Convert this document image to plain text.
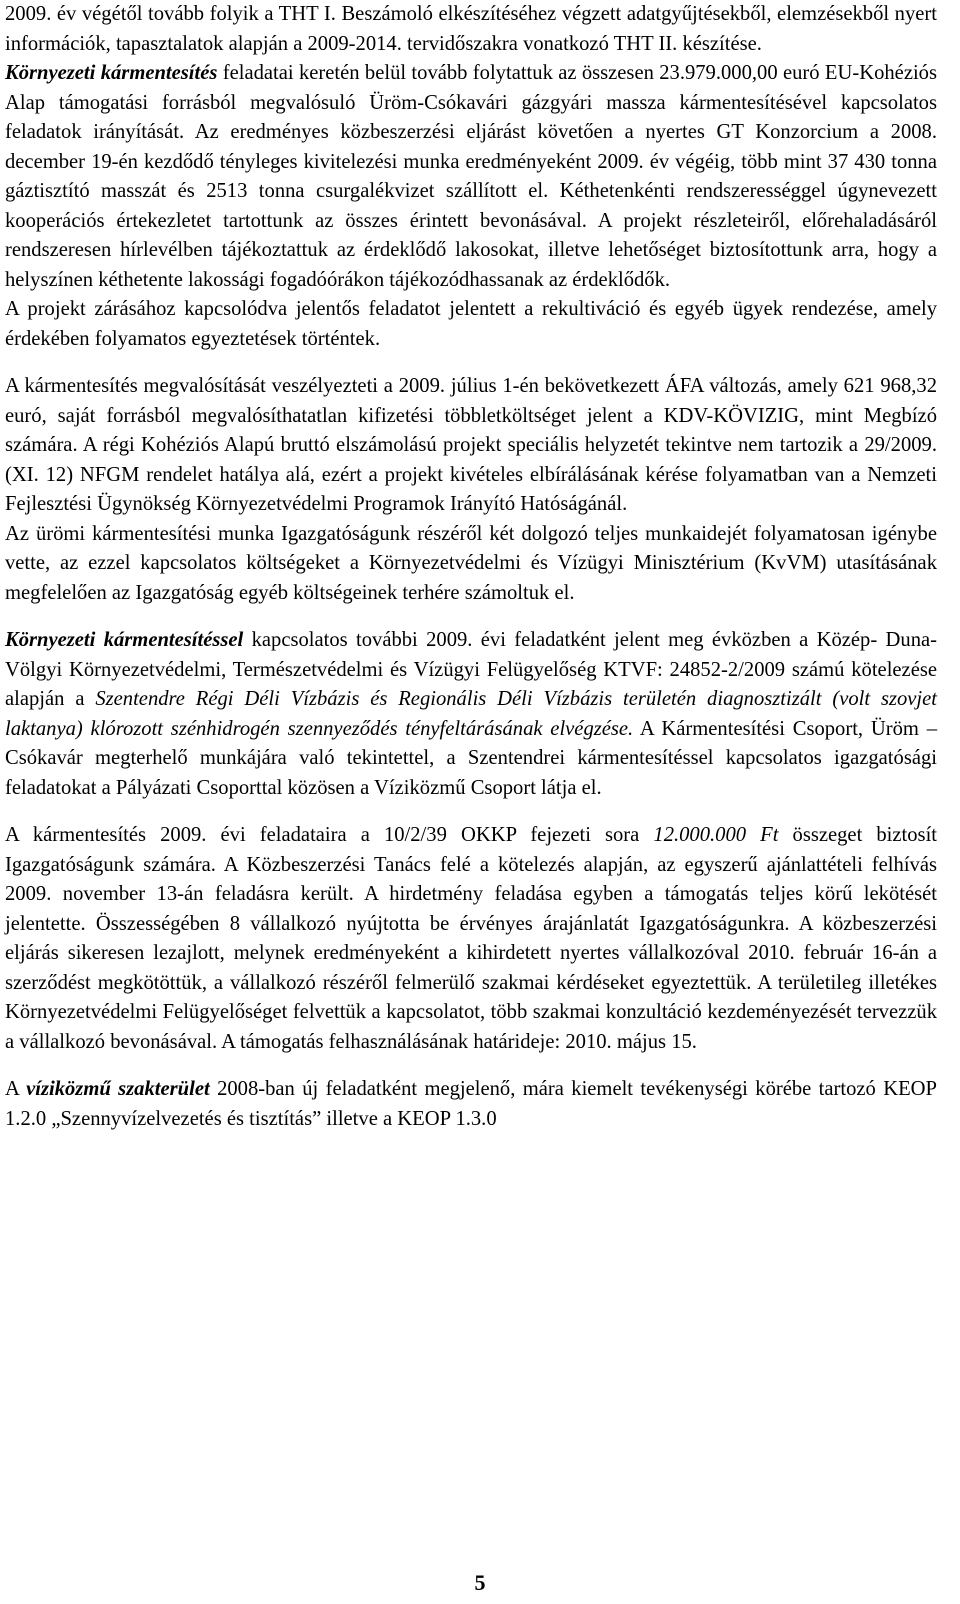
2009. év végétől tovább folyik a THT I. Beszámoló elkészítéséhez végzett adatgyűjtésekből, elemzésekből nyert információk, tapasztalatok alapján a 2009-2014. tervidőszakra vonatkozó THT II. készítése.

Környezeti kármentesítés feladatai keretén belül tovább folytattuk az összesen 23.979.000,00 euró EU-Kohéziós Alap támogatási forrásból megvalósuló Üröm-Csókavári gázgyári massza kármentesítésével kapcsolatos feladatok irányítását. Az eredményes közbeszerzési eljárást követően a nyertes GT Konzorcium a 2008. december 19-én kezdődő tényleges kivitelezési munka eredményeként 2009. év végéig, több mint 37 430 tonna gáztisztító masszát és 2513 tonna csurgalékvizet szállított el. Kéthetenkénti rendszerességgel úgynevezett kooperációs értekezletet tartottunk az összes érintett bevonásával. A projekt részleteiről, előrehaladásáról rendszeresen hírlevélben tájékoztattuk az érdeklődő lakosokat, illetve lehetőséget biztosítottunk arra, hogy a helyszínen kéthetente lakossági fogadóórákon tájékozódhassanak az érdeklődők.

A projekt zárásához kapcsolódva jelentős feladatot jelentett a rekultiváció és egyéb ügyek rendezése, amely érdekében folyamatos egyeztetések történtek.

A kármentesítés megvalósítását veszélyezteti a 2009. július 1-én bekövetkezett ÁFA változás, amely 621 968,32 euró, saját forrásból megvalósíthatatlan kifizetési többletköltséget jelent a KDV-KÖVIZIG, mint Megbízó számára. A régi Kohéziós Alapú bruttó elszámolású projekt speciális helyzetét tekintve nem tartozik a 29/2009.(XI. 12) NFGM rendelet hatálya alá, ezért a projekt kivételes elbírálásának kérése folyamatban van a Nemzeti Fejlesztési Ügynökség Környezetvédelmi Programok Irányító Hatóságánál.

Az ürömi kármentesítési munka Igazgatóságunk részéről két dolgozó teljes munkaidejét folyamatosan igénybe vette, az ezzel kapcsolatos költségeket a Környezetvédelmi és Vízügyi Minisztérium (KvVM) utasításának megfelelően az Igazgatóság egyéb költségeinek terhére számoltuk el.

Környezeti kármentesítéssel kapcsolatos további 2009. évi feladatként jelent meg évközben a Közép- Duna- Völgyi Környezetvédelmi, Természetvédelmi és Vízügyi Felügyelőség KTVF: 24852-2/2009 számú kötelezése alapján a Szentendre Régi Déli Vízbázis és Regionális Déli Vízbázis területén diagnosztizált (volt szovjet laktanya) klórozott szénhidrogén szennyeződés tényfeltárásának elvégzése. A Kármentesítési Csoport, Üröm – Csókavár megterhelő munkájára való tekintettel, a Szentendrei kármentesítéssel kapcsolatos igazgatósági feladatokat a Pályázati Csoporttal közösen a Víziközmű Csoport látja el.

A kármentesítés 2009. évi feladataira a 10/2/39 OKKP fejezeti sora 12.000.000 Ft összeget biztosít Igazgatóságunk számára. A Közbeszerzési Tanács felé a kötelezés alapján, az egyszerű ajánlattételi felhívás 2009. november 13-án feladásra került. A hirdetmény feladása egyben a támogatás teljes körű lekötését jelentette. Összességében 8 vállalkozó nyújtotta be érvényes árajánlatát Igazgatóságunkra. A közbeszerzési eljárás sikeresen lezajlott, melynek eredményeként a kihirdetett nyertes vállalkozóval 2010. február 16-án a szerződést megkötöttük, a vállalkozó részéről felmerülő szakmai kérdéseket egyeztettük. A területileg illetékes Környezetvédelmi Felügyelőséget felvettük a kapcsolatot, több szakmai konzultáció kezdeményezését tervezzük a vállalkozó bevonásával. A támogatás felhasználásának határideje: 2010. május 15.

A víziközmű szakterület 2008-ban új feladatként megjelenő, mára kiemelt tevékenységi körébe tartozó KEOP 1.2.0 „Szennyvízelvezetés és tisztítás” illetve a KEOP 1.3.0

5
